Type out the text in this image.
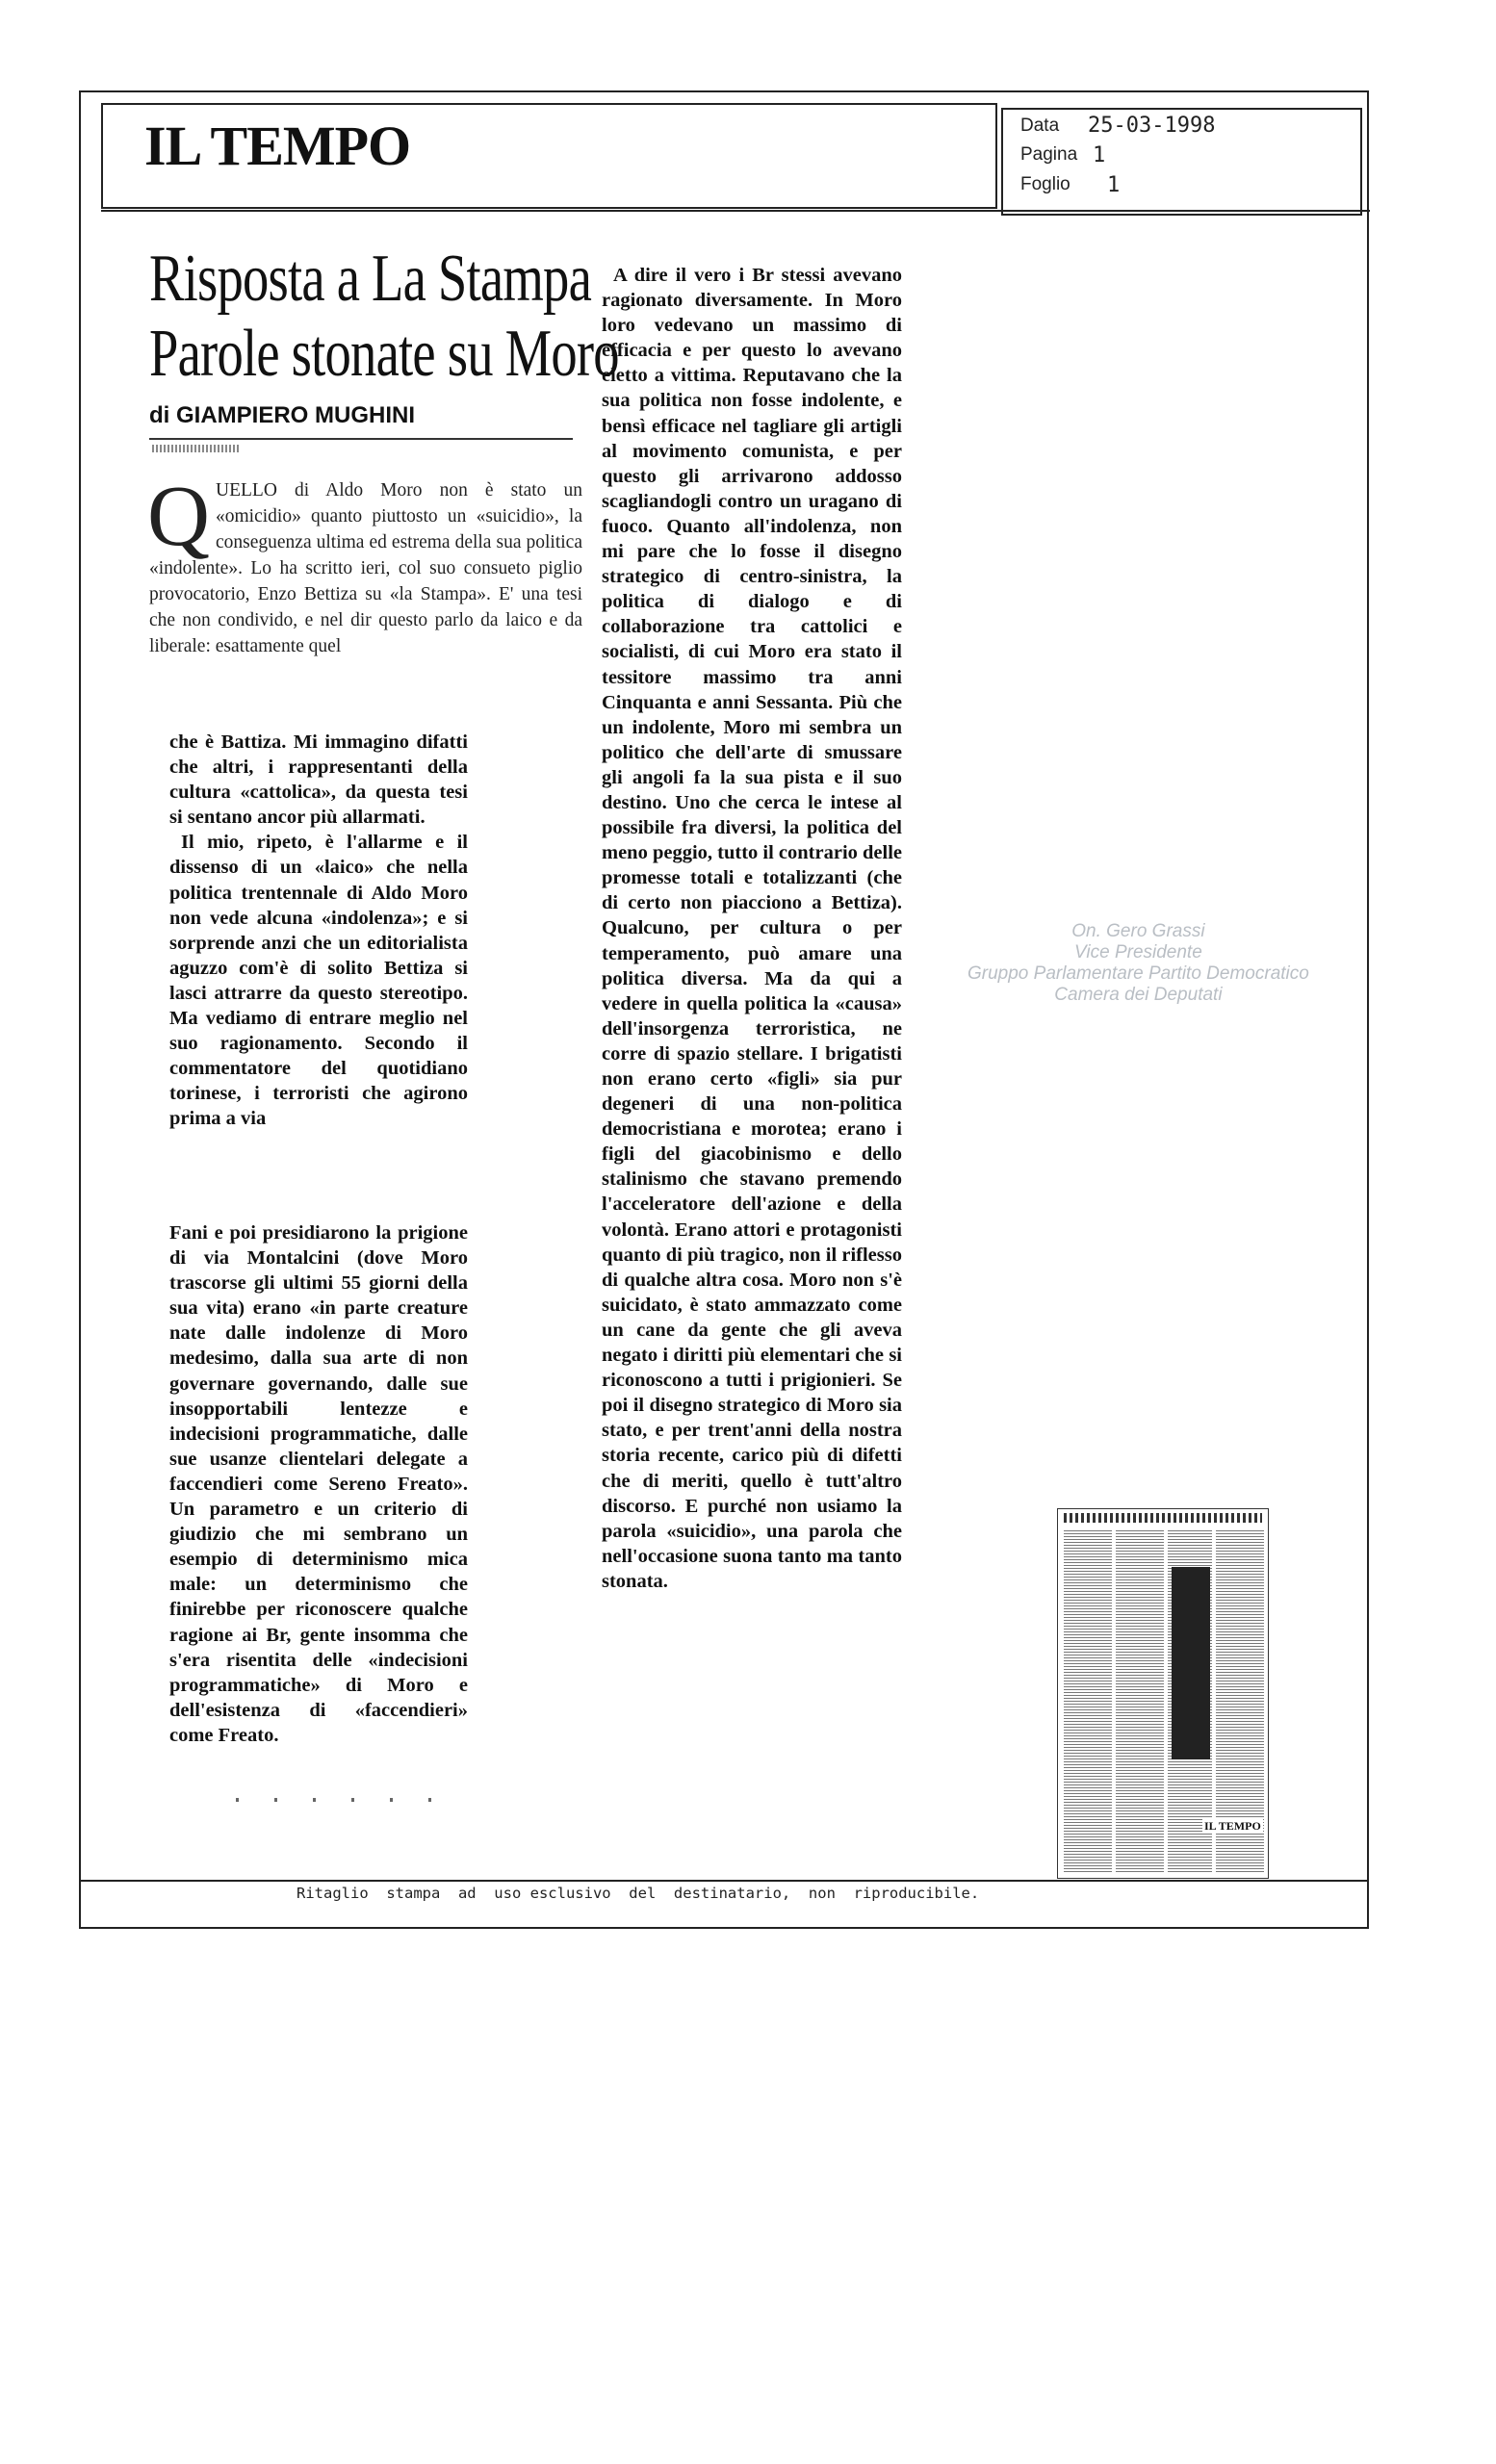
IL TEMPO	Data 25-03-1998
Pagina 1
Foglio 1
Risposta a La Stampa
Parole stonate su Moro
di GIAMPIERO MUGHINI
QUELLO di Aldo Moro non è stato un «omicidio» quanto piuttosto un «suicidio», la conseguenza ultima ed estrema della sua politica «indolente». Lo ha scritto ieri, col suo consueto piglio provocatorio, Enzo Bettiza su «la Stampa». E' una tesi che non condivido, e nel dir questo parlo da laico e da liberale: esattamente quel

che è Battiza. Mi immagino difatti che altri, i rappresentanti della cultura «cattolica», da questa tesi si sentano ancor più allarmati.

Il mio, ripeto, è l'allarme e il dissenso di un «laico» che nella politica trentennale di Aldo Moro non vede alcuna «indolenza»; e si sorprende anzi che un editorialista aguzzo com'è di solito Bettiza si lasci attrarre da questo stereotipo. Ma vediamo di entrare meglio nel suo ragionamento. Secondo il commentatore del quotidiano torinese, i terroristi che agirono prima a via

Fani e poi presidiarono la prigione di via Montalcini (dove Moro trascorse gli ultimi 55 giorni della sua vita) erano «in parte creature nate dalle indolenze di Moro medesimo, dalla sua arte di non governare governando, dalle sue insopportabili lentezze e indecisioni programmatiche, dalle sue usanze clientelari delegate a faccendieri come Sereno Freato». Un parametro e un criterio di giudizio che mi sembrano un esempio di determinismo mica male: un determinismo che finirebbe per riconoscere qualche ragione ai Br, gente insomma che s'era risentita delle «indecisioni programmatiche» di Moro e dell'esistenza di «faccendieri» come Freato.

A dire il vero i Br stessi avevano ragionato diversamente. In Moro loro vedevano un massimo di efficacia e per questo lo avevano eletto a vittima. Reputavano che la sua politica non fosse indolente, e bensì efficace nel tagliare gli artigli al movimento comunista, e per questo gli arrivarono addosso scagliandogli contro un uragano di fuoco. Quanto all'indolenza, non mi pare che lo fosse il disegno strategico di centro-sinistra, la politica di dialogo e di collaborazione tra cattolici e socialisti, di cui Moro era stato il tessitore massimo tra anni Cinquanta e anni Sessanta. Più che un indolente, Moro mi sembra un politico che dell'arte di smussare gli angoli fa la sua pista e il suo destino. Uno che cerca le intese al possibile fra diversi, la politica del meno peggio, tutto il contrario delle promesse totali e totalizzanti (che di certo non piacciono a Bettiza). Qualcuno, per cultura o per temperamento, può amare una politica diversa. Ma da qui a vedere in quella politica la «causa» dell'insorgenza terroristica, ne corre di spazio stellare. I brigatisti non erano certo «figli» sia pur degeneri di una non-politica democristiana e morotea; erano i figli del giacobinismo e dello stalinismo che stavano premendo l'acceleratore dell'azione e della volontà. Erano attori e protagonisti quanto di più tragico, non il riflesso di qualche altra cosa. Moro non s'è suicidato, è stato ammazzato come un cane da gente che gli aveva negato i diritti più elementari che si riconoscono a tutti i prigionieri. Se poi il disegno strategico di Moro sia stato, e per trent'anni della nostra storia recente, carico più di difetti che di meriti, quello è tutt'altro discorso. E purché non usiamo la parola «suicidio», una parola che nell'occasione suona tanto ma tanto stonata.

On. Gero Grassi
Vice Presidente
Gruppo Parlamentare Partito Democratico
Camera dei Deputati
IL TEMPO
Ritaglio  stampa  ad  uso esclusivo  del  destinatario,  non  riproducibile.
